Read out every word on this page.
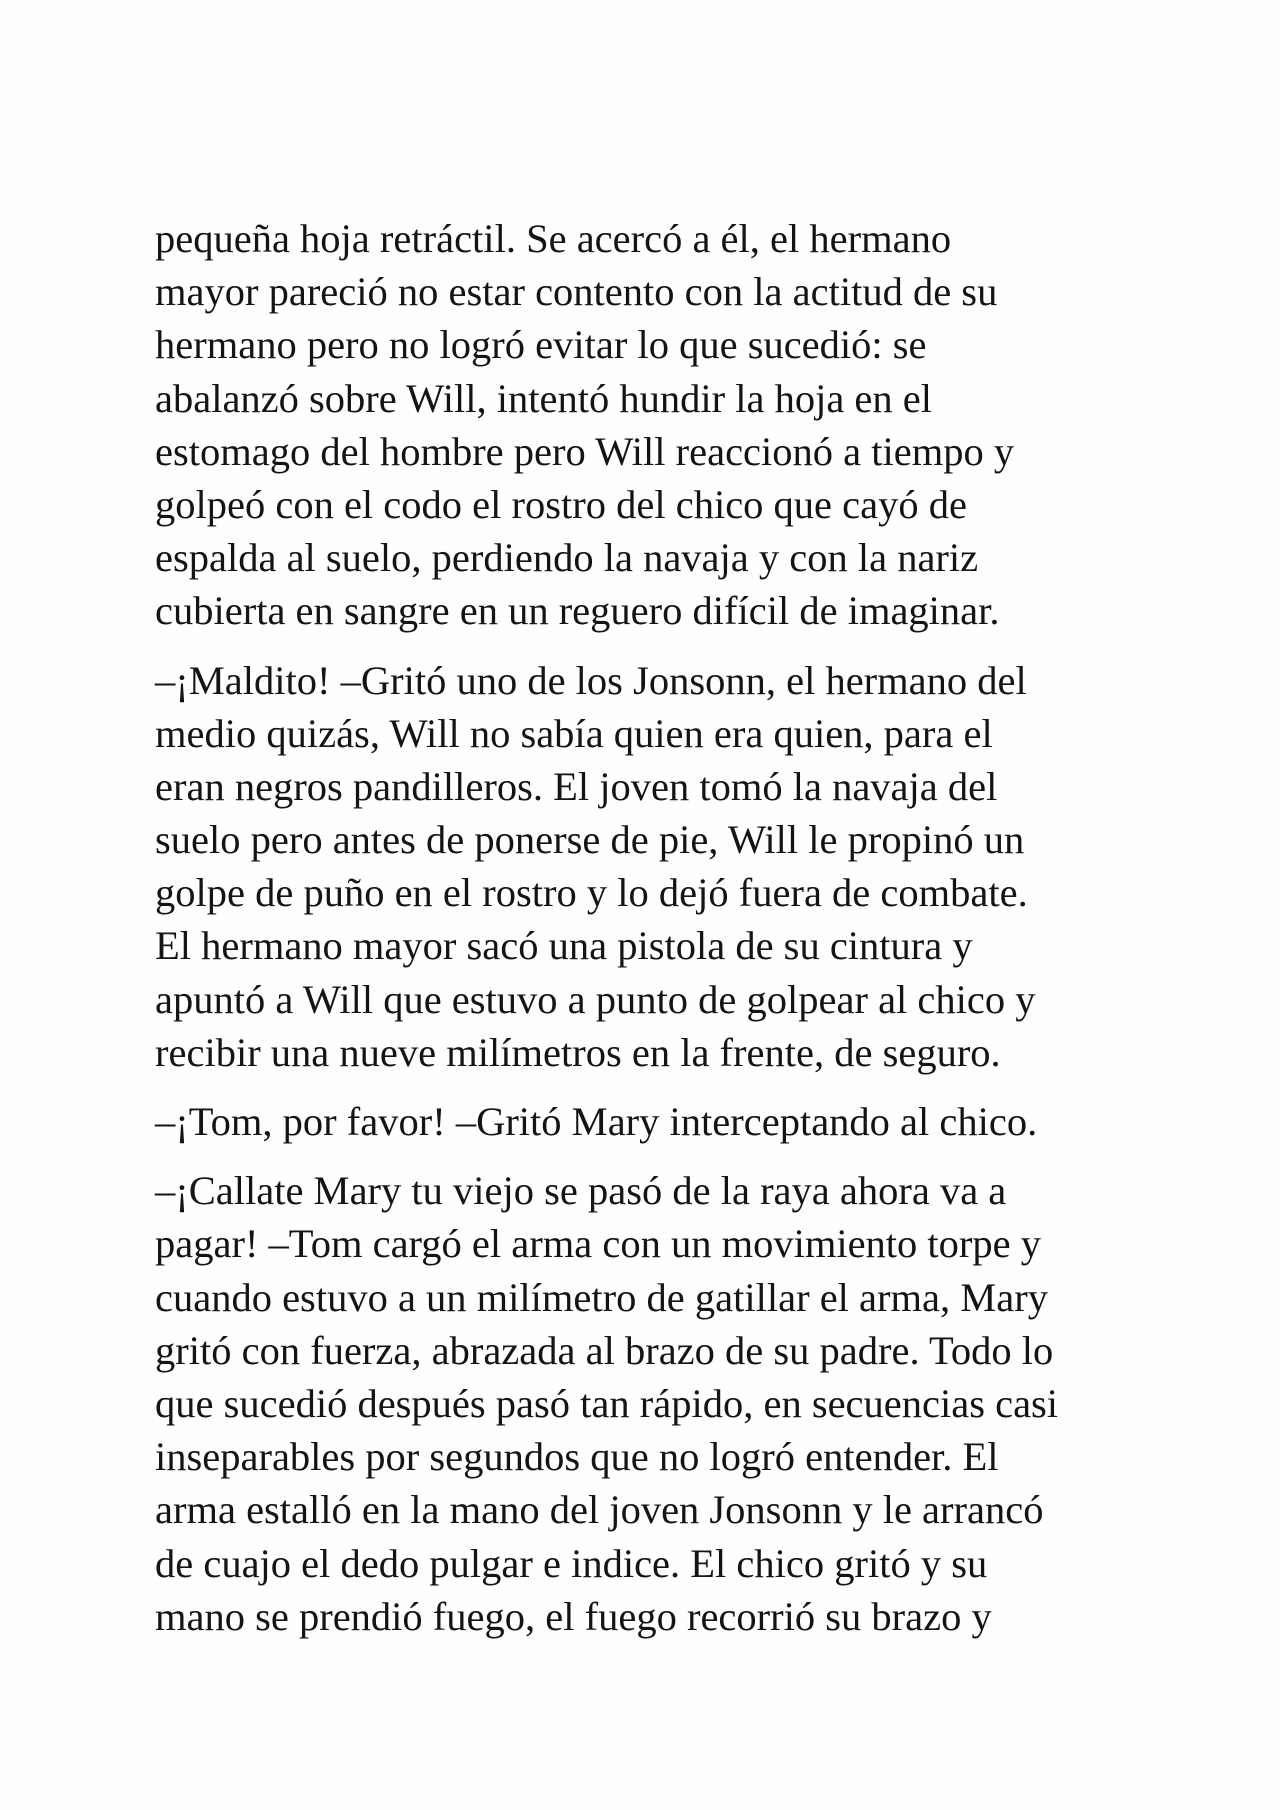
pequeña hoja retráctil. Se acercó a él, el hermano
mayor pareció no estar contento con la actitud de su
hermano pero no logró evitar lo que sucedió: se
abalanzó sobre Will, intentó hundir la hoja en el
estomago del hombre pero Will reaccionó a tiempo y
golpeó con el codo el rostro del chico que cayó de
espalda al suelo, perdiendo la navaja y con la nariz
cubierta en sangre en un reguero difícil de imaginar.

–¡Maldito! –Gritó uno de los Jonsonn, el hermano del
medio quizás, Will no sabía quien era quien, para el
eran negros pandilleros. El joven tomó la navaja del
suelo pero antes de ponerse de pie, Will le propinó un
golpe de puño en el rostro y lo dejó fuera de combate.
El hermano mayor sacó una pistola de su cintura y
apuntó a Will que estuvo a punto de golpear al chico y
recibir una nueve milímetros en la frente, de seguro.

–¡Tom, por favor! –Gritó Mary interceptando al chico.

–¡Callate Mary tu viejo se pasó de la raya ahora va a
pagar! –Tom cargó el arma con un movimiento torpe y
cuando estuvo a un milímetro de gatillar el arma, Mary
gritó con fuerza, abrazada al brazo de su padre. Todo lo
que sucedió después pasó tan rápido, en secuencias casi
inseparables por segundos que no logró entender. El
arma estalló en la mano del joven Jonsonn y le arrancó
de cuajo el dedo pulgar e indice. El chico gritó y su
mano se prendió fuego, el fuego recorrió su brazo y
